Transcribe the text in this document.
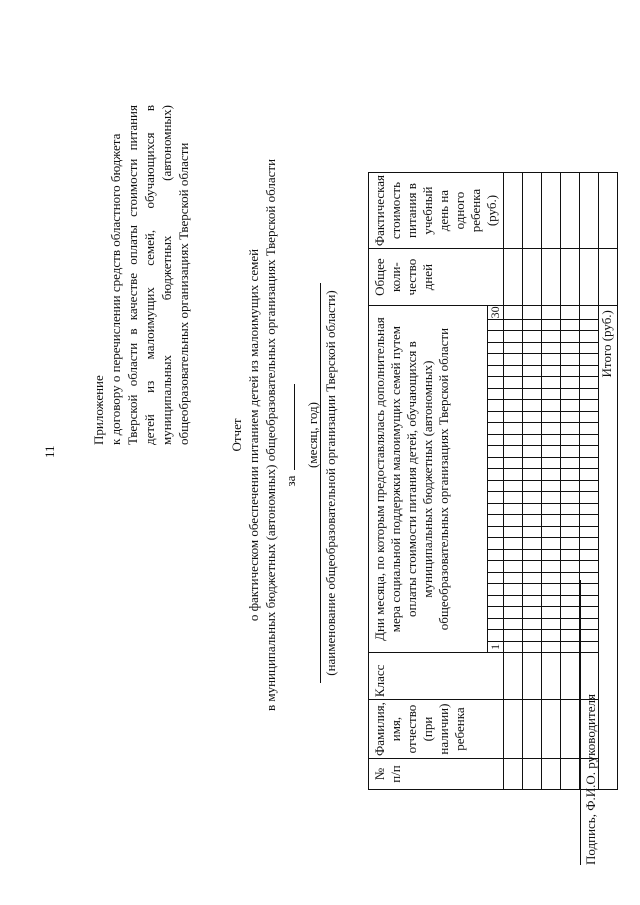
11
Приложение к договору о перечислении средств областного бюджета Тверской области в качестве оплаты стоимости питания детей из малоимущих семей, обучающихся в муниципальных бюджетных (автономных) общеобразовательных организациях Тверской области	Отчет о фактическом обеспечении питанием детей из малоимущих семей в муниципальных бюджетных (автономных) общеобразовательных организациях Тверской области за
(месяц, год) (наименование общеобразовательной организации Тверской области)
№ п/п	Фамилия, имя, отчество (при наличии) ребенка	Класс	Дни месяца, по которым предоставлялась дополнительная мера социальной поддержки малоимущих семей путем оплаты стоимости питания детей, обучающихся в муниципальных бюджетных (автономных) общеобразовательных организациях Тверской области																														Общее коли-чество дней	Фактическая стоимость питания в учебный день на одного ребенка (руб.)
			1																													30		

Итого (руб.)																																		
Подпись, Ф.И.О. руководителя
